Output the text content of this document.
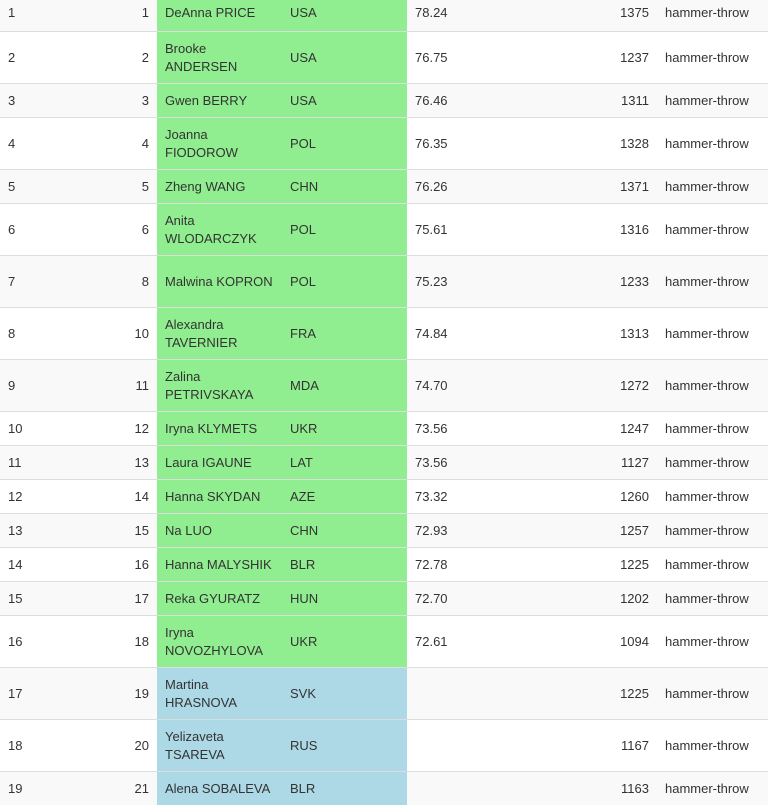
1	1	DeAnna PRICE	USA	78.24	1375	hammer-throw
2	2	Brooke ANDERSEN	USA	76.75	1237	hammer-throw
3	3	Gwen BERRY	USA	76.46	1311	hammer-throw
4	4	Joanna FIODOROW	POL	76.35	1328	hammer-throw
5	5	Zheng WANG	CHN	76.26	1371	hammer-throw
6	6	Anita WLODARCZYK	POL	75.61	1316	hammer-throw
7	8	Malwina KOPRON	POL	75.23	1233	hammer-throw
8	10	Alexandra TAVERNIER	FRA	74.84	1313	hammer-throw
9	11	Zalina PETRIVSKAYA	MDA	74.70	1272	hammer-throw
10	12	Iryna KLYMETS	UKR	73.56	1247	hammer-throw
11	13	Laura IGAUNE	LAT	73.56	1127	hammer-throw
12	14	Hanna SKYDAN	AZE	73.32	1260	hammer-throw
13	15	Na LUO	CHN	72.93	1257	hammer-throw
14	16	Hanna MALYSHIK	BLR	72.78	1225	hammer-throw
15	17	Reka GYURATZ	HUN	72.70	1202	hammer-throw
16	18	Iryna NOVOZHYLOVA	UKR	72.61	1094	hammer-throw
17	19	Martina HRASNOVA	SVK		1225	hammer-throw
18	20	Yelizaveta TSAREVA	RUS		1167	hammer-throw
19	21	Alena SOBALEVA	BLR		1163	hammer-throw
